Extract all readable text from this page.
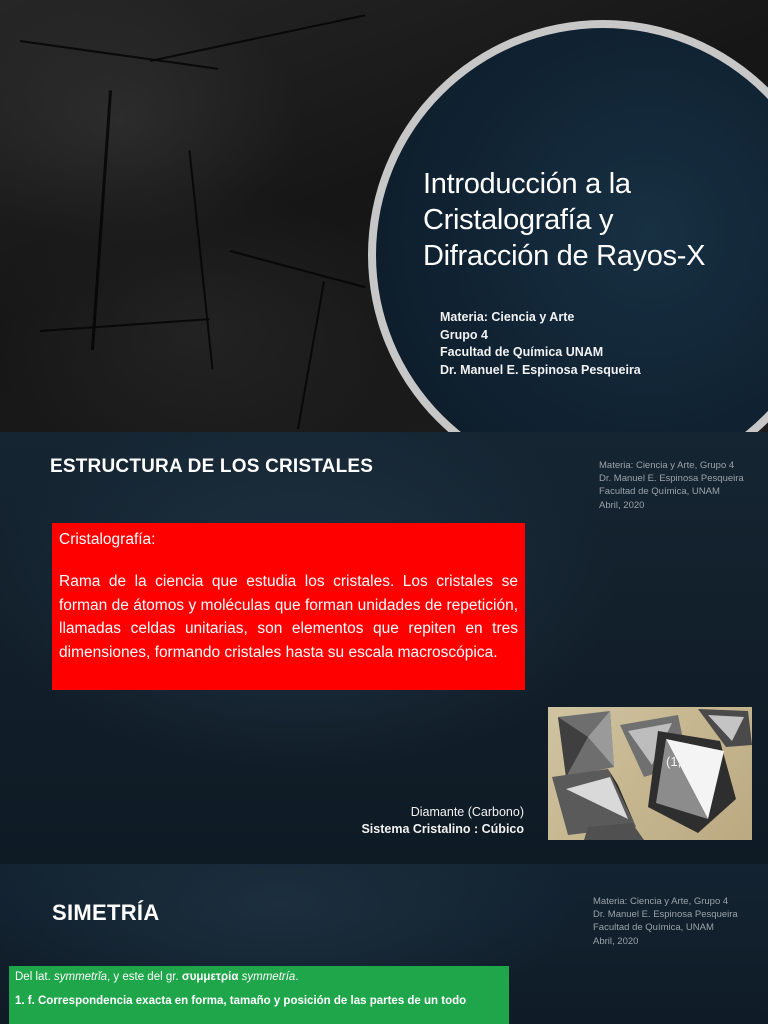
Introducción a la
Cristalografía y
Difracción de Rayos-X
Materia: Ciencia y Arte
Grupo 4
Facultad de Química UNAM
Dr. Manuel E. Espinosa Pesqueira
ESTRUCTURA DE LOS CRISTALES	Materia: Ciencia y Arte, Grupo 4
Dr. Manuel E. Espinosa Pesqueira
Facultad de Química, UNAM
Abril, 2020
Cristalografía:
Rama de la ciencia que estudia los cristales. Los cristales se forman de átomos y moléculas que forman unidades de repetición, llamadas celdas unitarias, son elementos que repiten en tres dimensiones, formando cristales hasta su escala macroscópica.
(1,1 1)
Diamante (Carbono)
Sistema Cristalino : Cúbico
SIMETRÍA	Materia: Ciencia y Arte, Grupo 4
Dr. Manuel E. Espinosa Pesqueira
Facultad de Química, UNAM
Abril, 2020
Del lat. symmetrĭa, y este del gr. συμμετρία symmetría.
1. f. Correspondencia exacta en forma, tamaño y posición de las partes de un todo
